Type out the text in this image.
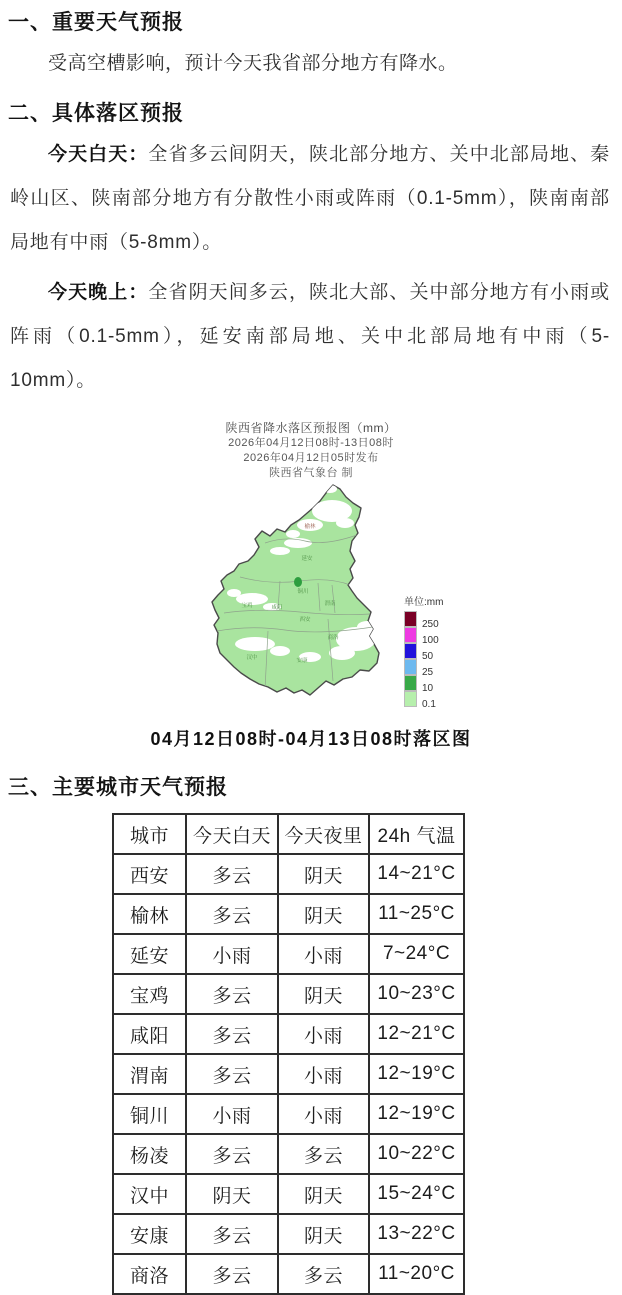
一、重要天气预报

受高空槽影响，预计今天我省部分地方有降水。

二、具体落区预报

今天白天：全省多云间阴天，陕北部分地方、关中北部局地、秦岭山区、陕南部分地方有分散性小雨或阵雨（0.1-5mm），陕南南部局地有中雨（5-8mm）。

今天晚上：全省阴天间多云，陕北大部、关中部分地方有小雨或阵雨（0.1-5mm），延安南部局地、关中北部局地有中雨（5-10mm）。

陕西省降水落区预报图（mm）
2026年04月12日08时-13日08时
2026年04月12日05时发布
陕西省气象台 制
榆林
延安
铜川
渭南
咸阳
西安
宝鸡
商洛
汉中	安康
单位:mm
250
100
50
25
10
0.1

04月12日08时-04月13日08时落区图

三、主要城市天气预报
城市	今天白天	今天夜里	24h 气温
西安	多云	阴天	14~21°C
榆林	多云	阴天	11~25°C
延安	小雨	小雨	7~24°C
宝鸡	多云	阴天	10~23°C
咸阳	多云	小雨	12~21°C
渭南	多云	小雨	12~19°C
铜川	小雨	小雨	12~19°C
杨凌	多云	多云	10~22°C
汉中	阴天	阴天	15~24°C
安康	多云	阴天	13~22°C
商洛	多云	多云	11~20°C
